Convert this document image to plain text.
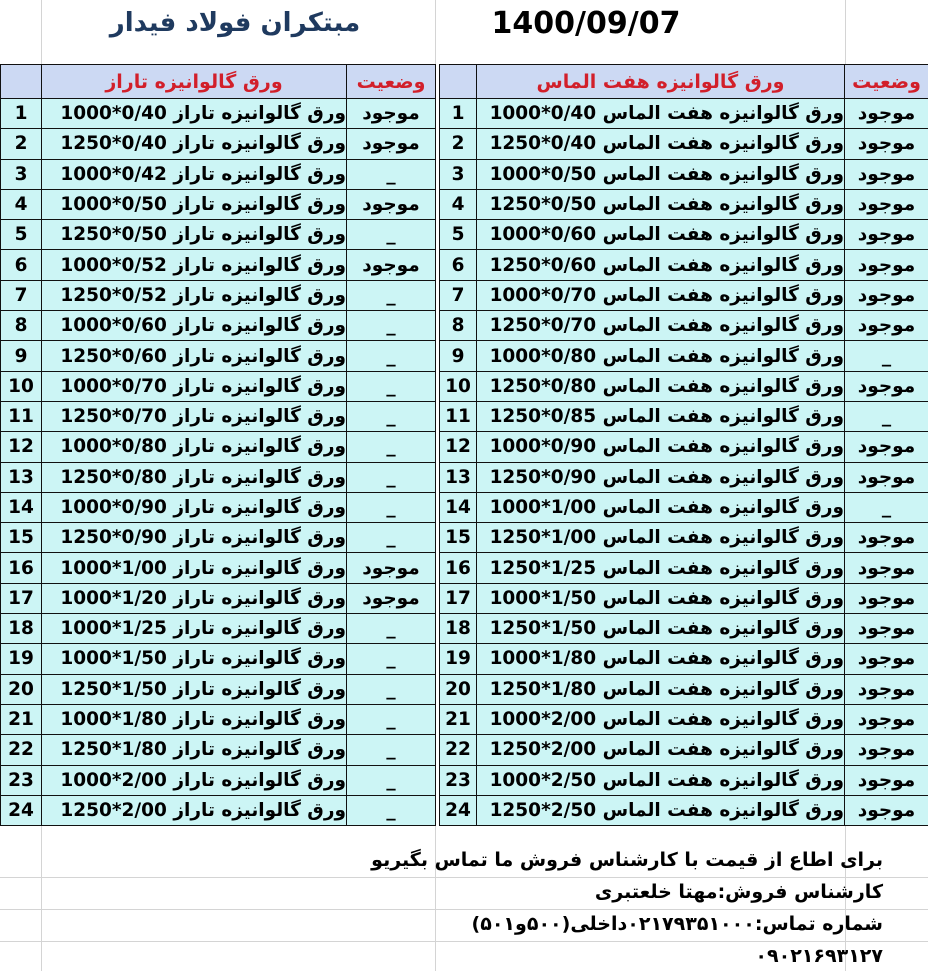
مبتکران فولاد فیدار	1400/09/07
	ورق گالوانیزه تاراز	وضعیت			ورق گالوانیزه هفت الماس	وضعیت
1	ورق گالوانیزه تاراز 0/40*1000	موجود		1	ورق گالوانیزه هفت الماس 0/40*1000	موجود
2	ورق گالوانیزه تاراز 0/40*1250	موجود		2	ورق گالوانیزه هفت الماس 0/40*1250	موجود
3	ورق گالوانیزه تاراز 0/42*1000	_		3	ورق گالوانیزه هفت الماس 0/50*1000	موجود
4	ورق گالوانیزه تاراز 0/50*1000	موجود		4	ورق گالوانیزه هفت الماس 0/50*1250	موجود
5	ورق گالوانیزه تاراز 0/50*1250	_		5	ورق گالوانیزه هفت الماس 0/60*1000	موجود
6	ورق گالوانیزه تاراز 0/52*1000	موجود		6	ورق گالوانیزه هفت الماس 0/60*1250	موجود
7	ورق گالوانیزه تاراز 0/52*1250	_		7	ورق گالوانیزه هفت الماس 0/70*1000	موجود
8	ورق گالوانیزه تاراز 0/60*1000	_		8	ورق گالوانیزه هفت الماس 0/70*1250	موجود
9	ورق گالوانیزه تاراز 0/60*1250	_		9	ورق گالوانیزه هفت الماس 0/80*1000	_
10	ورق گالوانیزه تاراز 0/70*1000	_		10	ورق گالوانیزه هفت الماس 0/80*1250	موجود
11	ورق گالوانیزه تاراز 0/70*1250	_		11	ورق گالوانیزه هفت الماس 0/85*1250	_
12	ورق گالوانیزه تاراز 0/80*1000	_		12	ورق گالوانیزه هفت الماس 0/90*1000	موجود
13	ورق گالوانیزه تاراز 0/80*1250	_		13	ورق گالوانیزه هفت الماس 0/90*1250	موجود
14	ورق گالوانیزه تاراز 0/90*1000	_		14	ورق گالوانیزه هفت الماس 1/00*1000	_
15	ورق گالوانیزه تاراز 0/90*1250	_		15	ورق گالوانیزه هفت الماس 1/00*1250	موجود
16	ورق گالوانیزه تاراز 1/00*1000	موجود		16	ورق گالوانیزه هفت الماس 1/25*1250	موجود
17	ورق گالوانیزه تاراز 1/20*1000	موجود		17	ورق گالوانیزه هفت الماس 1/50*1000	موجود
18	ورق گالوانیزه تاراز 1/25*1000	_		18	ورق گالوانیزه هفت الماس 1/50*1250	موجود
19	ورق گالوانیزه تاراز 1/50*1000	_		19	ورق گالوانیزه هفت الماس 1/80*1000	موجود
20	ورق گالوانیزه تاراز 1/50*1250	_		20	ورق گالوانیزه هفت الماس 1/80*1250	موجود
21	ورق گالوانیزه تاراز 1/80*1000	_		21	ورق گالوانیزه هفت الماس 2/00*1000	موجود
22	ورق گالوانیزه تاراز 1/80*1250	_		22	ورق گالوانیزه هفت الماس 2/00*1250	موجود
23	ورق گالوانیزه تاراز 2/00*1000	_		23	ورق گالوانیزه هفت الماس 2/50*1000	موجود
24	ورق گالوانیزه تاراز 2/00*1250	_		24	ورق گالوانیزه هفت الماس 2/50*1250	موجود
برای اطاع از قیمت با کارشناس فروش ما تماس بگیریو
کارشناس فروش:مهتا خلعتبری
شماره تماس:۰۲۱۷۹۳۵۱۰۰۰داخلی(۵۰۰و۵۰۱)
۰۹۰۲۱۶۹۳۱۲۷
